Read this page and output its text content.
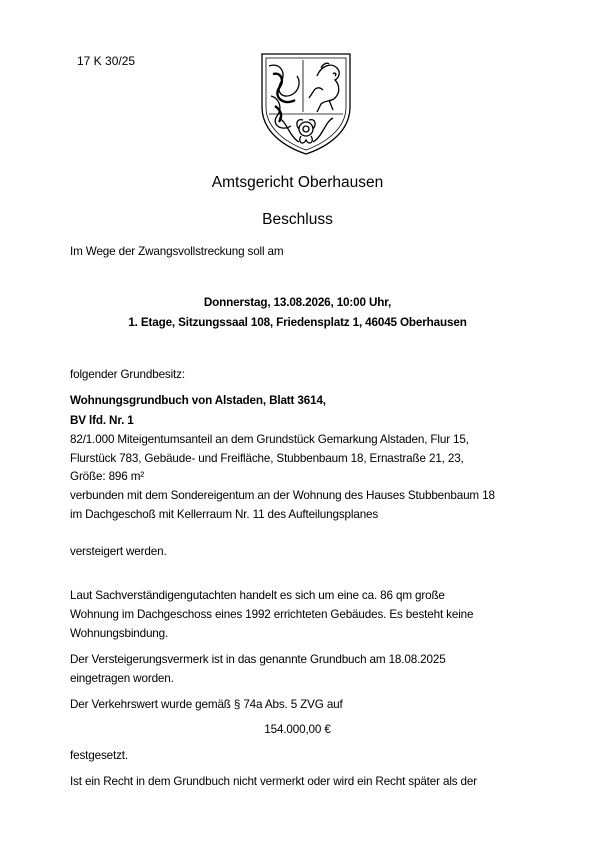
17 K 30/25

Amtsgericht Oberhausen
Beschluss

Im Wege der Zwangsvollstreckung soll am

Donnerstag, 13.08.2026, 10:00 Uhr,

1. Etage, Sitzungssaal 108, Friedensplatz 1, 46045 Oberhausen

folgender Grundbesitz:

Wohnungsgrundbuch von Alstaden, Blatt 3614,

BV lfd. Nr. 1

82/1.000 Miteigentumsanteil an dem Grundstück Gemarkung Alstaden, Flur 15,

Flurstück 783, Gebäude- und Freifläche, Stubbenbaum 18, Ernastraße 21, 23,

Größe: 896 m²

verbunden mit dem Sondereigentum an der Wohnung des Hauses Stubbenbaum 18

im Dachgeschoß mit Kellerraum Nr. 11 des Aufteilungsplanes

versteigert werden.

Laut Sachverständigengutachten handelt es sich um eine ca. 86 qm große

Wohnung im Dachgeschoss eines 1992 errichteten Gebäudes. Es besteht keine

Wohnungsbindung.

Der Versteigerungsvermerk ist in das genannte Grundbuch am 18.08.2025

eingetragen worden.

Der Verkehrswert wurde gemäß § 74a Abs. 5 ZVG auf

154.000,00 €

festgesetzt.

Ist ein Recht in dem Grundbuch nicht vermerkt oder wird ein Recht später als der
